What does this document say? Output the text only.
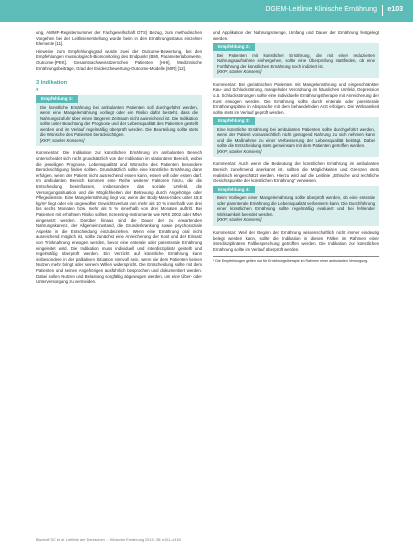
DGEM-Leitlinie Klinische Ernährung e103

ung, AWMF-Registernummer der Fachgesellschaft DTS) Bezug, zum methodischen Vorgehen bei der Leitlinienerstellung wurde beim in den Ernährungsstatus einzelner Elemente [11].

Hinweise zum Empfehlungsgrad wurde zwei der Outcome-Bewertung, bei den Empfehlungen mussiologisch-Biomonitoring des Endpunkt (BMI, Parameterlaborwerte, Outcome-[PEK]. Gesamtnachweissitzerschen Patienten [HHI], Medizinische Ernährungsbeiträge, Grad der Evidenzbewertung-Outcome-Modelle [MIR] [12].

3 Indikation
▾
Empfehlung 1:
Die künstliche Ernährung bei ambulanten Patienten soll durchgeführt werden, wenn eine Mangelernährung vorliegt oder ein Risiko dafür besteht, dass die Nahrungszufuhr über einen längeren Zeitraum nicht ausreichend ist. Die Indikation sollte unter Beachtung der Prognose und der Lebensqualität des Patienten gestellt werden und im Verlauf regelmäßig überprüft werden. Die Beurteilung sollte stets die Wünsche des Patienten berücksichtigen.
[KKP; starker Konsens]

Kommentar: Die Indikation zur künstlichen Ernährung im ambulanten Bereich unterscheidet sich nicht grundsätzlich von der Indikation im stationären Bereich, wobei die jeweiligen Prognose, Lebensqualität und Wünsche des Patienten besondere Berücksichtigung finden sollten. Grundsätzlich sollte eine künstliche Ernährung dann erfolgen, wenn der Patient nicht ausreichend essen kann, essen will oder essen darf. Im ambulanten Bereich kommen eine Reihe weiterer Faktoren hinzu, die die Entscheidung beeinflussen, insbesondere das soziale Umfeld, die Versorgungssituation und die Möglichkeiten der Betreuung durch Angehörige oder Pflegedienste. Eine Mangelernährung liegt vor, wenn der Body-Mass-Index unter 18,5 kg/m² liegt oder ein ungewollter Gewichtsverlust von mehr als 10 % innerhalb von drei bis sechs Monaten bzw. mehr als 5 % innerhalb von drei Monaten auftritt. Bei Patienten mit erhöhtem Risiko sollten Screening-Instrumente wie NRS 2002 oder MNA eingesetzt werden. Darüber hinaus sind die Dauer der zu erwartenden Nahrungskarenz, der Allgemeinzustand, die Grunderkrankung sowie psychosoziale Aspekte in die Entscheidung einzubeziehen. Wenn eine Ernährung oral nicht ausreichend möglich ist, sollte zunächst eine Anreicherung der Kost und der Einsatz von Trinknahrung erwogen werden, bevor eine enterale oder parenterale Ernährung eingeleitet wird. Die Indikation muss individuell und interdisziplinär gestellt und regelmäßig überprüft werden. Ein Verzicht auf künstliche Ernährung kann insbesondere in der palliativen Situation sinnvoll sein, wenn sie dem Patienten keinen Nutzen mehr bringt oder seinem Willen widerspricht. Die Entscheidung sollte mit dem Patienten und seinen Angehörigen ausführlich besprochen und dokumentiert werden. Dabei sollen Nutzen und Belastung sorgfältig abgewogen werden, um eine Über- oder Unterversorgung zu vermeiden.

und Applikation der Nahrungsmenge, Umfang und Dauer der Ernährung festgelegt werden.

Empfehlung 2:
Bei Patienten mit künstlicher Ernährung, die mit einer reduzierten Nahrungsaufnahme einhergehen, sollte eine Überprüfung stattfinden, ob eine Fortführung der künstlichen Ernährung noch indiziert ist.
[KKP; starker Konsens]

Kommentar: Bei geriatrischen Patienten mit Mangelernährung und eingeschränkter Kau- und Schluckstörung, mangelnder Verordnung im häuslichen Umfeld, Depression o.ä. Schluckstörungen sollte eine individuelle Ernährungstherapie mit Anreicherung der Kost erwogen werden. Die Ernährung sollte durch enterale oder parenterale Ernährungspläne in Absprache mit dem behandelnden Arzt erfolgen. Die Wirksamkeit sollte stets im Verlauf geprüft werden.

Empfehlung 3:
Eine künstliche Ernährung bei ambulanten Patienten sollte durchgeführt werden, wenn der Patient voraussichtlich nicht genügend Nahrung zu sich nehmen kann und die Maßnahme zu einer Verbesserung der Lebensqualität beiträgt. Dabei sollte die Entscheidung stets gemeinsam mit dem Patienten getroffen werden.
[KKP; starker Konsens]

Kommentar: Auch wenn die Bedeutung der künstlichen Ernährung im ambulanten Bereich zunehmend anerkannt ist, sollten die Möglichkeiten und Grenzen stets realistisch eingeschätzt werden. Hierzu wird auf die Leitlinie „Ethische und rechtliche Gesichtspunkte der künstlichen Ernährung“ verwiesen.

Empfehlung 4:
Beim Vorliegen einer Mangelernährung sollte überprüft werden, ob eine enterale oder parenterale Ernährung die Lebensqualität verbessern kann. Die Durchführung einer künstlichen Ernährung sollte regelmäßig evaluiert und bei fehlender Wirksamkeit beendet werden.
[KKP; starker Konsens]

Kommentar: Weil der Beginn der Ernährung wissenschaftlich nicht immer eindeutig belegt werden kann, sollte die Indikation in diesen Fällen im Rahmen einer interdisziplinären Fallbesprechung getroffen werden. Die Indikation zur künstlichen Ernährung sollte im Verlauf überprüft werden.

* Die Empfehlungen gelten nur für Ernährungstherapie im Rahmen einer ambulanten Versorgung.
Bischoff SC et al. Leitlinie der Deutschen ... Klinische Ernährung 2013; 38: e101–e154
